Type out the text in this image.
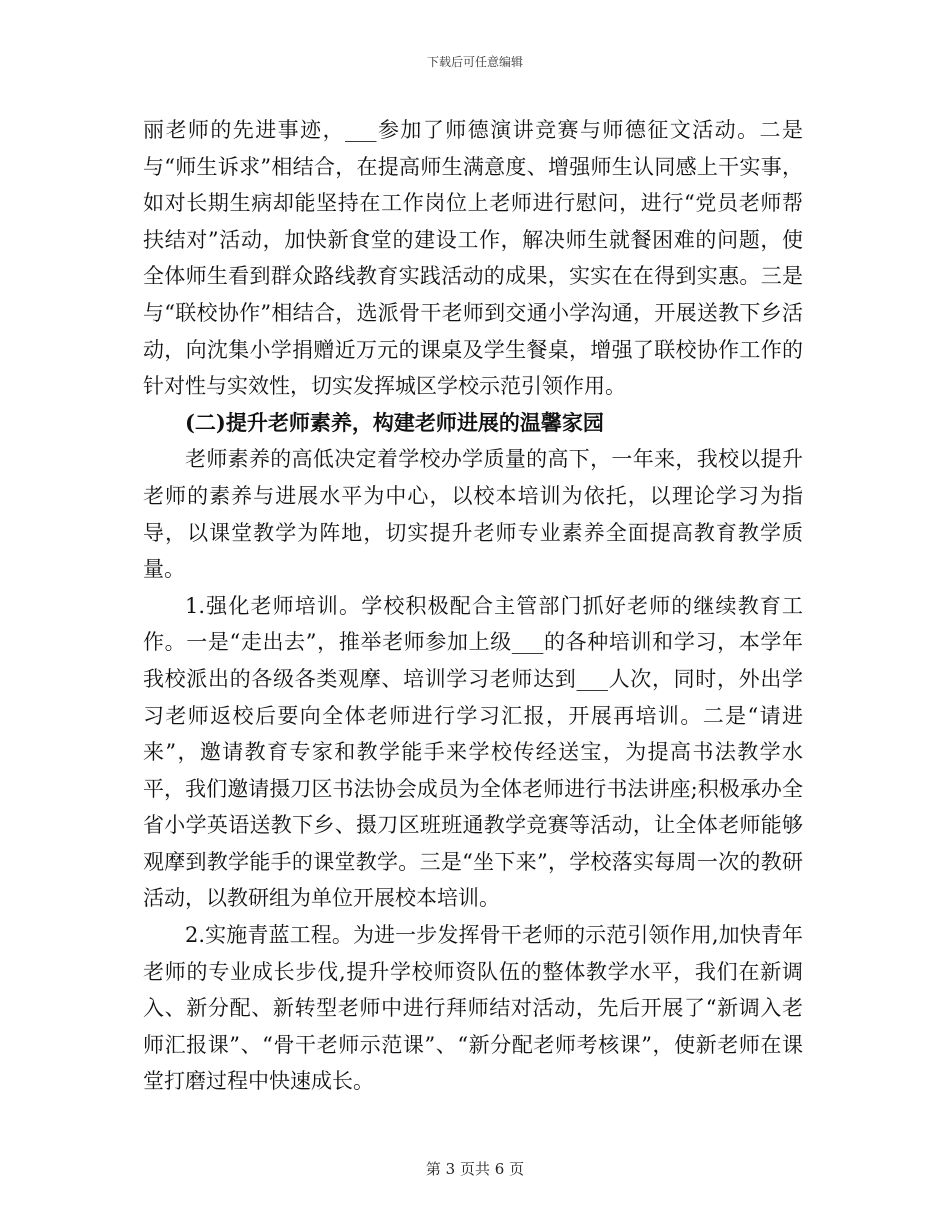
下载后可任意编辑

丽老师的先进事迹，___参加了师德演讲竞赛与师德征文活动。二是与“师生诉求”相结合，在提高师生满意度、增强师生认同感上干实事，如对长期生病却能坚持在工作岗位上老师进行慰问，进行“党员老师帮扶结对”活动，加快新食堂的建设工作，解决师生就餐困难的问题，使全体师生看到群众路线教育实践活动的成果，实实在在得到实惠。三是与“联校协作”相结合，选派骨干老师到交通小学沟通，开展送教下乡活动，向沈集小学捐赠近万元的课桌及学生餐桌，增强了联校协作工作的针对性与实效性，切实发挥城区学校示范引领作用。

(二)提升老师素养，构建老师进展的温馨家园

老师素养的高低决定着学校办学质量的高下，一年来，我校以提升老师的素养与进展水平为中心，以校本培训为依托，以理论学习为指导，以课堂教学为阵地，切实提升老师专业素养全面提高教育教学质量。

1.强化老师培训。学校积极配合主管部门抓好老师的继续教育工作。一是“走出去”，推举老师参加上级___的各种培训和学习，本学年我校派出的各级各类观摩、培训学习老师达到___人次，同时，外出学习老师返校后要向全体老师进行学习汇报，开展再培训。二是“请进来”，邀请教育专家和教学能手来学校传经送宝，为提高书法教学水平，我们邀请摄刀区书法协会成员为全体老师进行书法讲座;积极承办全省小学英语送教下乡、摄刀区班班通教学竞赛等活动，让全体老师能够观摩到教学能手的课堂教学。三是“坐下来”，学校落实每周一次的教研活动，以教研组为单位开展校本培训。

2.实施青蓝工程。为进一步发挥骨干老师的示范引领作用,加快青年老师的专业成长步伐,提升学校师资队伍的整体教学水平，我们在新调入、新分配、新转型老师中进行拜师结对活动，先后开展了“新调入老师汇报课”、“骨干老师示范课”、“新分配老师考核课”，使新老师在课堂打磨过程中快速成长。

第 3 页共 6 页
